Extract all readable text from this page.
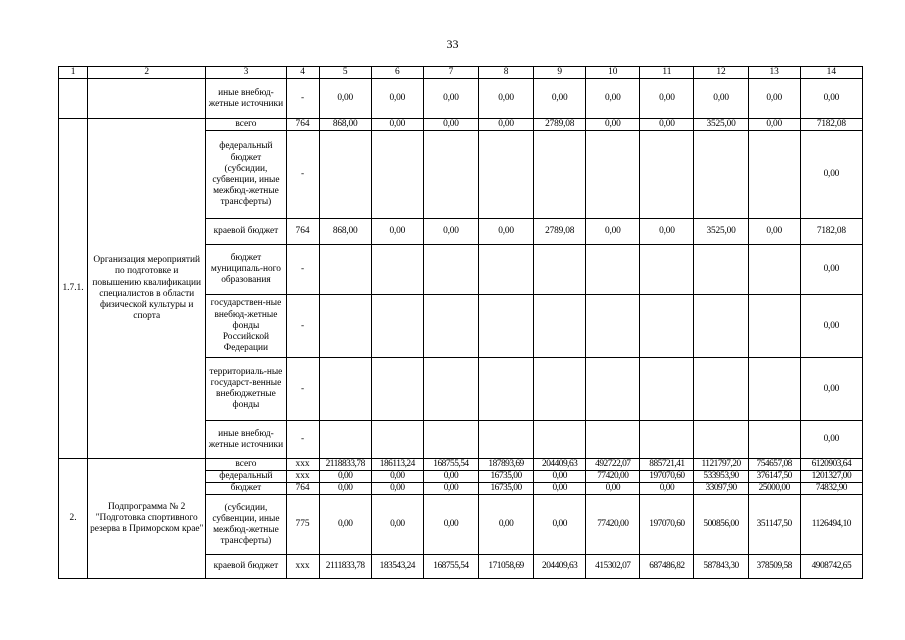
33
1	2	3	4	5	6	7	8	9	10	11	12	13	14
		иные внебюд-жетные источники	-	0,00	0,00	0,00	0,00	0,00	0,00	0,00	0,00	0,00	0,00
1.7.1.	Организация мероприятий по подготовке и повышению квалификации специалистов в области физической культуры и спорта	всего	764	868,00	0,00	0,00	0,00	2789,08	0,00	0,00	3525,00	0,00	7182,08
		федеральный бюджет (субсидии, субвенции, иные межбюд-жетные трансферты)	-										0,00
		краевой бюджет	764	868,00	0,00	0,00	0,00	2789,08	0,00	0,00	3525,00	0,00	7182,08
		бюджет муниципаль-ного образования	-										0,00
		государствен-ные внебюд-жетные фонды Российской Федерации	-										0,00
		территориаль-ные государст-венные внебюджетные фонды	-										0,00
		иные внебюд-жетные источники	-										0,00
2.	Подпрограмма № 2 "Подготовка спортивного резерва в Приморском крае"	всего	xxx	2118833,78	186113,24	168755,54	187893,69	204409,63	492722,07	885721,41	1121797,20	754657,08	6120903,64
		федеральный	xxx	0,00	0,00	0,00	16735,00	0,00	77420,00	197070,60	533953,90	376147,50	1201327,00
		бюджет	764	0,00	0,00	0,00	16735,00	0,00	0,00	0,00	33097,90	25000,00	74832,90
		(субсидии, субвенции, иные межбюд-жетные трансферты)	775	0,00	0,00	0,00	0,00	0,00	77420,00	197070,60	500856,00	351147,50	1126494,10
		краевой бюджет	xxx	2111833,78	183543,24	168755,54	171058,69	204409,63	415302,07	687486,82	587843,30	378509,58	4908742,65
